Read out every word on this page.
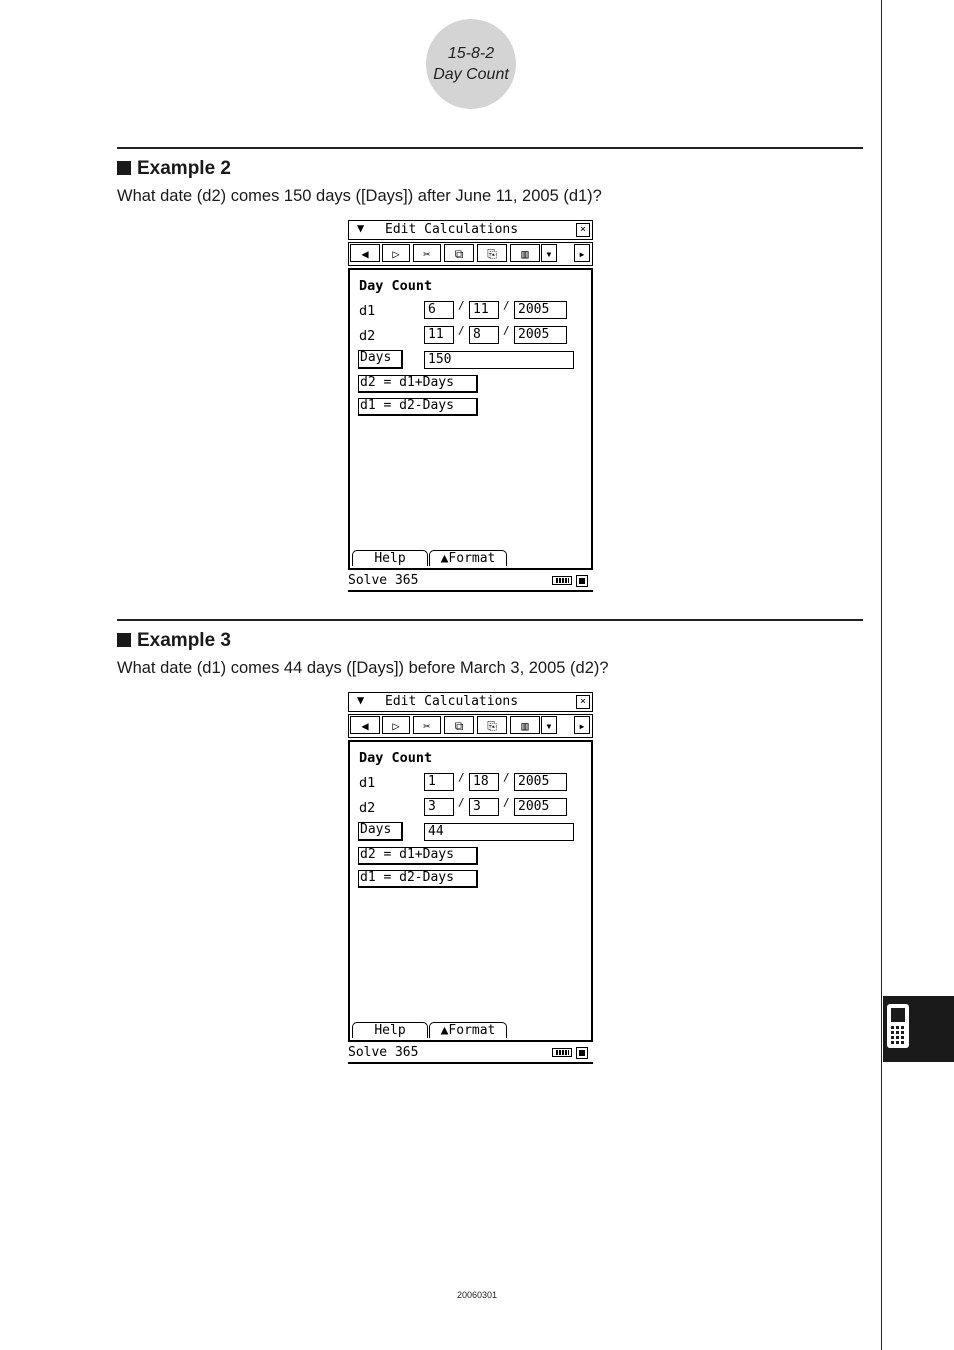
15-8-2
Day Count
Example 2
What date (d2) comes 150 days ([Days]) after June 11, 2005 (d1)?
▼ Edit Calculations	×
◀	▷	✂	⧉	⎘	▥	▾	▸
Day Count
d1	6	/ 11	/ 2005
d2	11	/ 8	/ 2005
Days	150
d2 = d1+Days
d1 = d2-Days
Help	▲Format
Solve 365
Example 3
What date (d1) comes 44 days ([Days]) before March 3, 2005 (d2)?
▼ Edit Calculations	×
◀	▷	✂	⧉	⎘	▥	▾	▸
Day Count
d1	1	/ 18	/ 2005
d2	3	/ 3	/ 2005
Days	44
d2 = d1+Days
d1 = d2-Days
Help	▲Format
Solve 365
20060301
